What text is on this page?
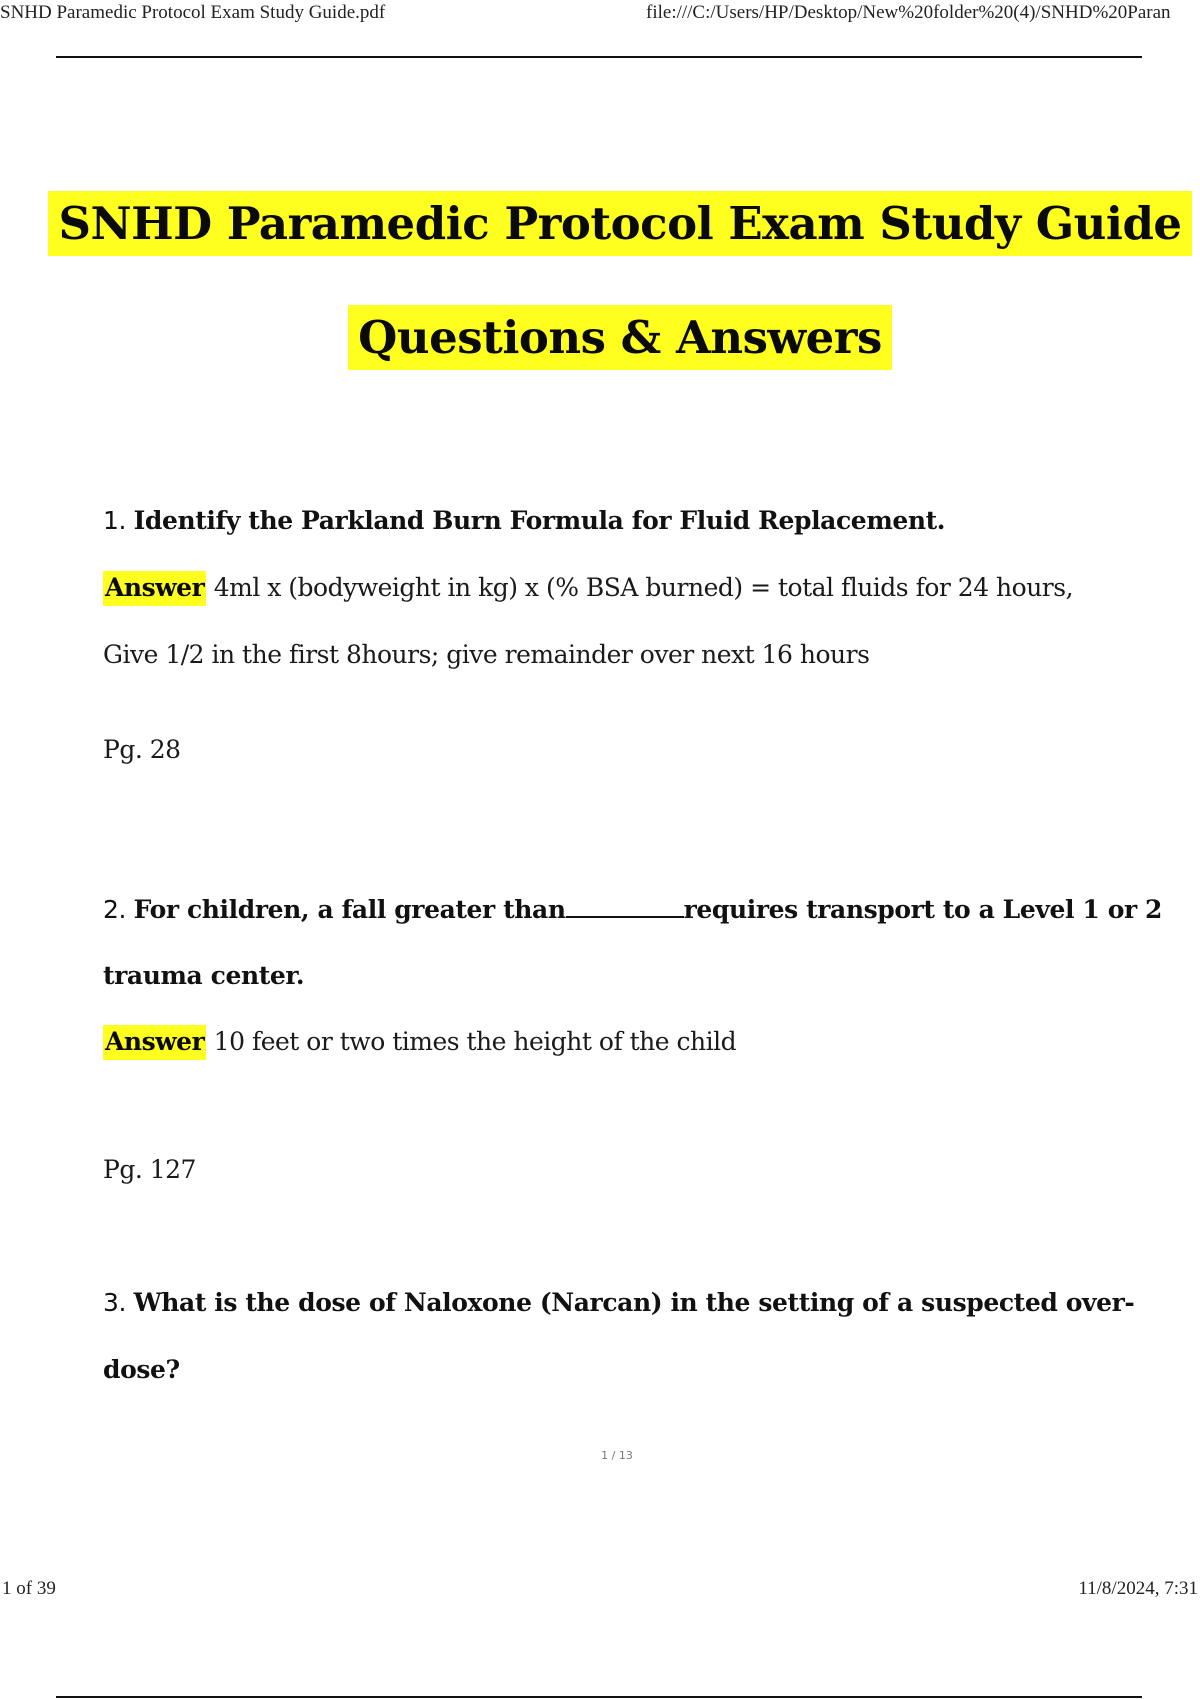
SNHD Paramedic Protocol Exam Study Guide.pdf	file:///C:/Users/HP/Desktop/New%20folder%20(4)/SNHD%20Paran
SNHD Paramedic Protocol Exam Study Guide
Questions & Answers
1. Identify the Parkland Burn Formula for Fluid Replacement.
Answer 4ml x (bodyweight in kg) x (% BSA burned) = total fluids for 24 hours,
Give 1/2 in the first 8hours; give remainder over next 16 hours
Pg. 28
2. For children, a fall greater than	requires transport to a Level 1 or 2
trauma center.
Answer 10 feet or two times the height of the child
Pg. 127
3. What is the dose of Naloxone (Narcan) in the setting of a suspected over-
dose?
1 / 13
1 of 39	11/8/2024, 7:31
